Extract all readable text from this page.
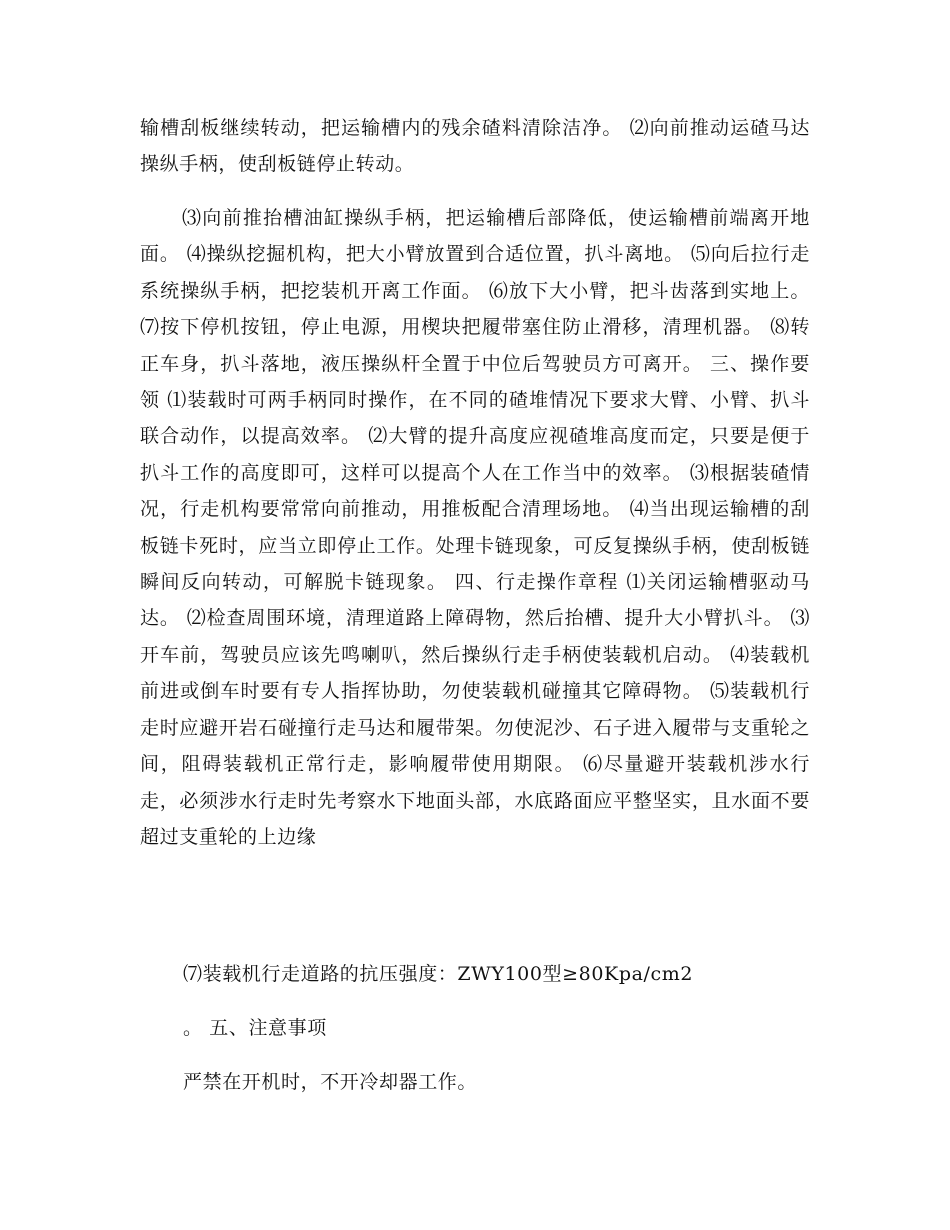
输槽刮板继续转动，把运输槽内的残余碴料清除洁净。 ⑵向前推动运碴马达操纵手柄，使刮板链停止转动。

⑶向前推抬槽油缸操纵手柄，把运输槽后部降低，使运输槽前端离开地面。 ⑷操纵挖掘机构，把大小臂放置到合适位置，扒斗离地。 ⑸向后拉行走系统操纵手柄，把挖装机开离工作面。 ⑹放下大小臂，把斗齿落到实地上。 ⑺按下停机按钮，停止电源，用楔块把履带塞住防止滑移，清理机器。 ⑻转正车身，扒斗落地，液压操纵杆全置于中位后驾驶员方可离开。 三、操作要领 ⑴装载时可两手柄同时操作，在不同的碴堆情况下要求大臂、小臂、扒斗联合动作，以提高效率。 ⑵大臂的提升高度应视碴堆高度而定，只要是便于扒斗工作的高度即可，这样可以提高个人在工作当中的效率。 ⑶根据装碴情况，行走机构要常常向前推动，用推板配合清理场地。 ⑷当出现运输槽的刮板链卡死时，应当立即停止工作。处理卡链现象，可反复操纵手柄，使刮板链瞬间反向转动，可解脱卡链现象。 四、行走操作章程 ⑴关闭运输槽驱动马达。 ⑵检查周围环境，清理道路上障碍物，然后抬槽、提升大小臂扒斗。 ⑶开车前，驾驶员应该先鸣喇叭，然后操纵行走手柄使装载机启动。 ⑷装载机前进或倒车时要有专人指挥协助，勿使装载机碰撞其它障碍物。 ⑸装载机行走时应避开岩石碰撞行走马达和履带架。勿使泥沙、石子进入履带与支重轮之间，阻碍装载机正常行走，影响履带使用期限。 ⑹尽量避开装载机涉水行走，必须涉水行走时先考察水下地面头部，水底路面应平整坚实，且水面不要超过支重轮的上边缘

⑺装载机行走道路的抗压强度：ZWY100型≥80Kpa/cm2

。 五、注意事项

严禁在开机时，不开冷却器工作。
